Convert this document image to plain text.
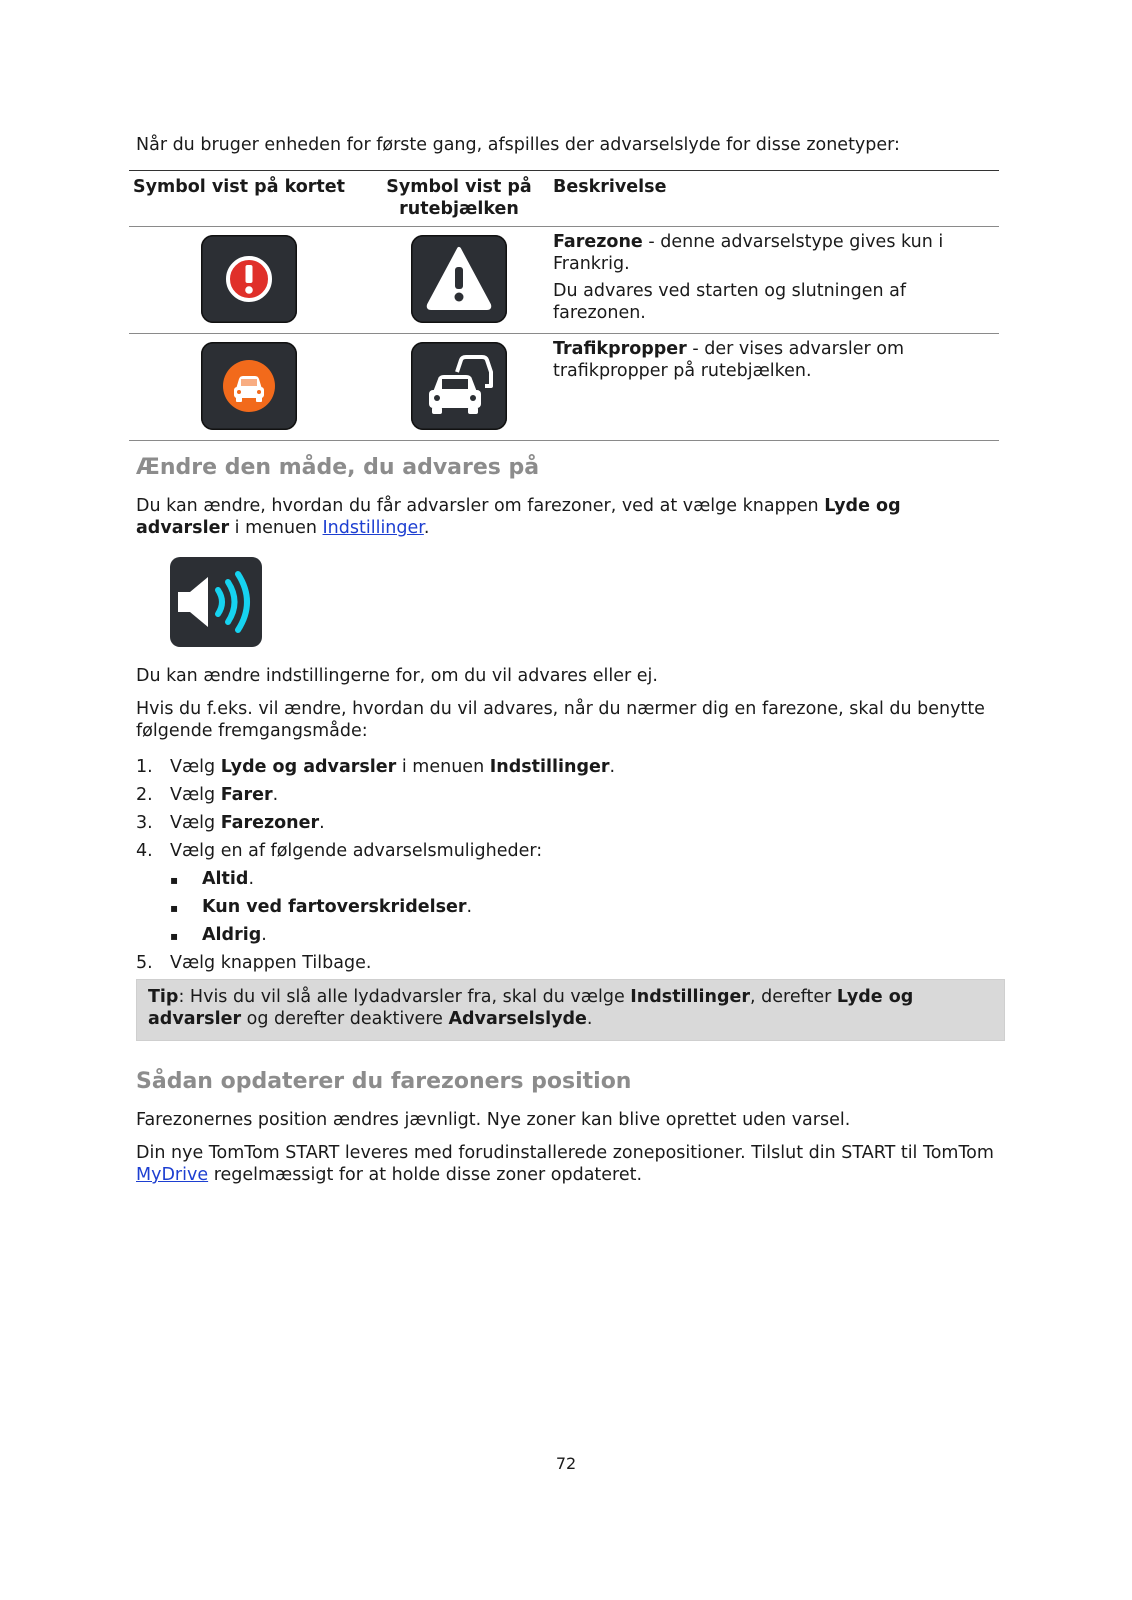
Når du bruger enheden for første gang, afspilles der advarselslyde for disse zonetyper:

Symbol vist på kortet	Symbol vist på
rutebjælken	Beskrivelse

Farezone - denne advarselstype gives kun i Frankrig.

Du advares ved starten og slutningen af farezonen.

Trafikpropper - der vises advarsler om trafikpropper på rutebjælken.

Ændre den måde, du advares på

Du kan ændre, hvordan du får advarsler om farezoner, ved at vælge knappen Lyde og advarsler i menuen Indstillinger.

Du kan ændre indstillingerne for, om du vil advares eller ej.

Hvis du f.eks. vil ændre, hvordan du vil advares, når du nærmer dig en farezone, skal du benytte følgende fremgangsmåde:

1. Vælg Lyde og advarsler i menuen Indstillinger.
2. Vælg Farer.
3. Vælg Farezoner.
4. Vælg en af følgende advarselsmuligheder:
▪ Altid.
▪ Kun ved fartoverskridelser.
▪ Aldrig.
5. Vælg knappen Tilbage.
Tip: Hvis du vil slå alle lydadvarsler fra, skal du vælge Indstillinger, derefter Lyde og advarsler og derefter deaktivere Advarselslyde.
Sådan opdaterer du farezoners position

Farezonernes position ændres jævnligt. Nye zoner kan blive oprettet uden varsel.

Din nye TomTom START leveres med forudinstallerede zonepositioner. Tilslut din START til TomTom MyDrive regelmæssigt for at holde disse zoner opdateret.

72
